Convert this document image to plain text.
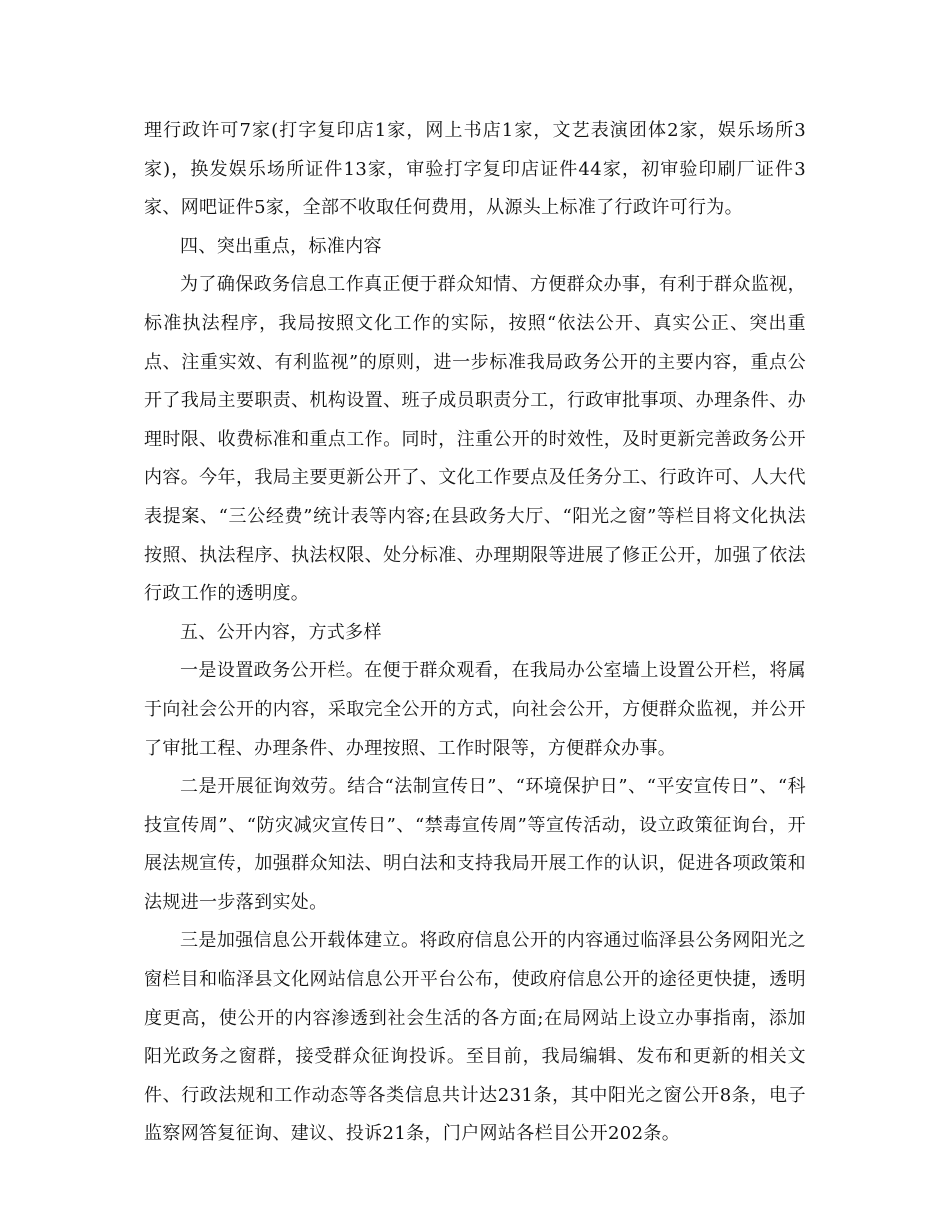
理行政许可7家(打字复印店1家，网上书店1家，文艺表演团体2家，娱乐场所3家)，换发娱乐场所证件13家，审验打字复印店证件44家，初审验印刷厂证件3家、网吧证件5家，全部不收取任何费用，从源头上标准了行政许可行为。

四、突出重点，标准内容

为了确保政务信息工作真正便于群众知情、方便群众办事，有利于群众监视，标准执法程序，我局按照文化工作的实际，按照“依法公开、真实公正、突出重点、注重实效、有利监视”的原则，进一步标准我局政务公开的主要内容，重点公开了我局主要职责、机构设置、班子成员职责分工，行政审批事项、办理条件、办理时限、收费标准和重点工作。同时，注重公开的时效性，及时更新完善政务公开内容。今年，我局主要更新公开了、文化工作要点及任务分工、行政许可、人大代表提案、“三公经费”统计表等内容;在县政务大厅、“阳光之窗”等栏目将文化执法按照、执法程序、执法权限、处分标准、办理期限等进展了修正公开，加强了依法行政工作的透明度。

五、公开内容，方式多样

一是设置政务公开栏。在便于群众观看，在我局办公室墙上设置公开栏，将属于向社会公开的内容，采取完全公开的方式，向社会公开，方便群众监视，并公开了审批工程、办理条件、办理按照、工作时限等，方便群众办事。

二是开展征询效劳。结合“法制宣传日”、“环境保护日”、“平安宣传日”、“科技宣传周”、“防灾减灾宣传日”、“禁毒宣传周”等宣传活动，设立政策征询台，开展法规宣传，加强群众知法、明白法和支持我局开展工作的认识，促进各项政策和法规进一步落到实处。

三是加强信息公开载体建立。将政府信息公开的内容通过临泽县公务网阳光之窗栏目和临泽县文化网站信息公开平台公布，使政府信息公开的途径更快捷，透明度更高，使公开的内容渗透到社会生活的各方面;在局网站上设立办事指南，添加阳光政务之窗群，接受群众征询投诉。至目前，我局编辑、发布和更新的相关文件、行政法规和工作动态等各类信息共计达231条，其中阳光之窗公开8条，电子监察网答复征询、建议、投诉21条，门户网站各栏目公开202条。
